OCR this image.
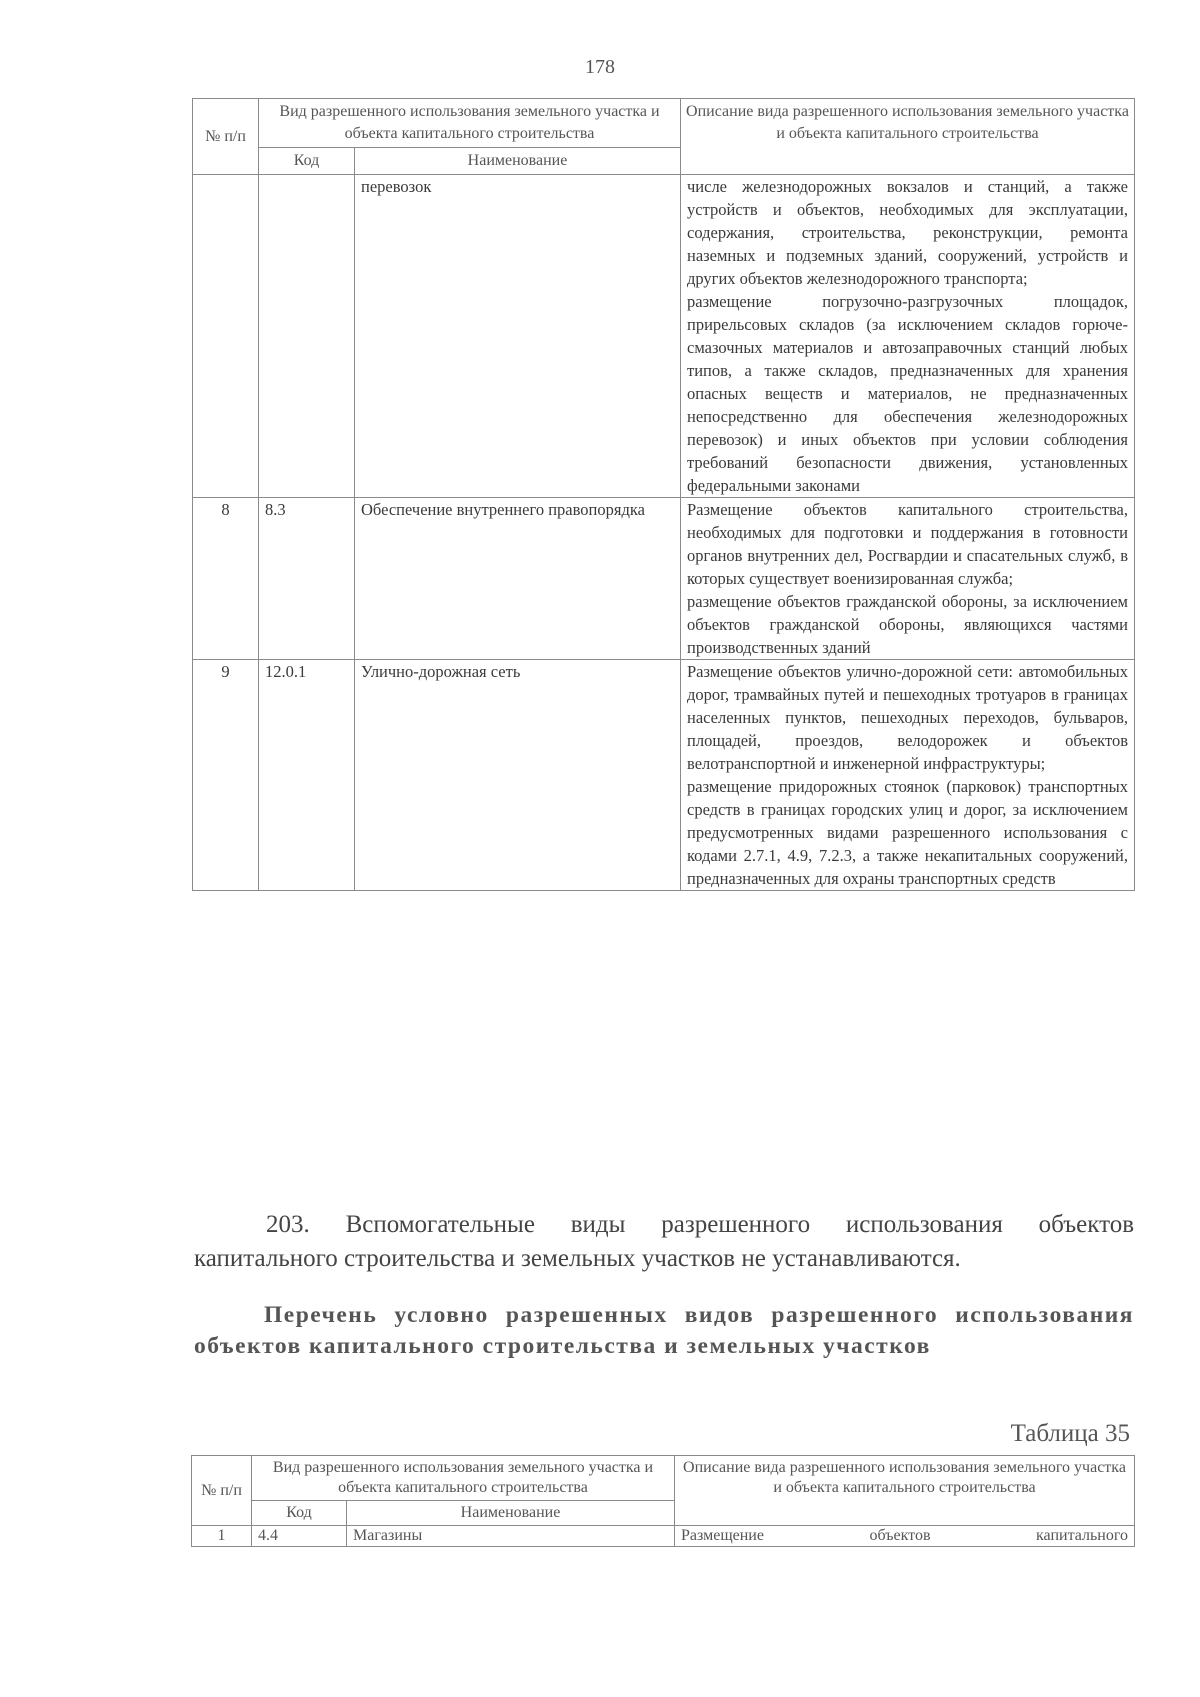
178
№ п/п	Вид разрешенного использования земельного участка и объекта капитального строительства		Описание вида разрешенного использования земельного участка и объекта капитального строительства
	Код	Наименование	
		перевозок	числе железнодорожных вокзалов и станций, а также устройств и объектов, необходимых для эксплуатации, содержания, строительства, реконструкции, ремонта наземных и подземных зданий, сооружений, устройств и других объектов железнодорожного транспорта;

размещение погрузочно-разгрузочных площадок, прирельсовых складов (за исключением складов горюче-смазочных материалов и автозаправочных станций любых типов, а также складов, предназначенных для хранения опасных веществ и материалов, не предназначенных непосредственно для обеспечения железнодорожных перевозок) и иных объектов при условии соблюдения требований безопасности движения, установленных федеральными законами

8	8.3	Обеспечение внутреннего правопорядка	Размещение объектов капитального строительства, необходимых для подготовки и поддержания в готовности органов внутренних дел, Росгвардии и спасательных служб, в которых существует военизированная служба;

размещение объектов гражданской обороны, за исключением объектов гражданской обороны, являющихся частями производственных зданий

9	12.0.1	Улично-дорожная сеть	Размещение объектов улично-дорожной сети: автомобильных дорог, трамвайных путей и пешеходных тротуаров в границах населенных пунктов, пешеходных переходов, бульваров, площадей, проездов, велодорожек и объектов велотранспортной и инженерной инфраструктуры;

размещение придорожных стоянок (парковок) транспортных средств в границах городских улиц и дорог, за исключением предусмотренных видами разрешенного использования с кодами 2.7.1, 4.9, 7.2.3, а также некапитальных сооружений, предназначенных для охраны транспортных средств

203. Вспомогательные виды разрешенного использования объектов капитального строительства и земельных участков не устанавливаются.

Перечень условно разрешенных видов разрешенного использования объектов капитального строительства и земельных участков

Таблица 35
№ п/п	Вид разрешенного использования земельного участка и объекта капитального строительства		Описание вида разрешенного использования земельного участка и объекта капитального строительства
	Код	Наименование	
1	4.4	Магазины	Размещение объектов капитального
